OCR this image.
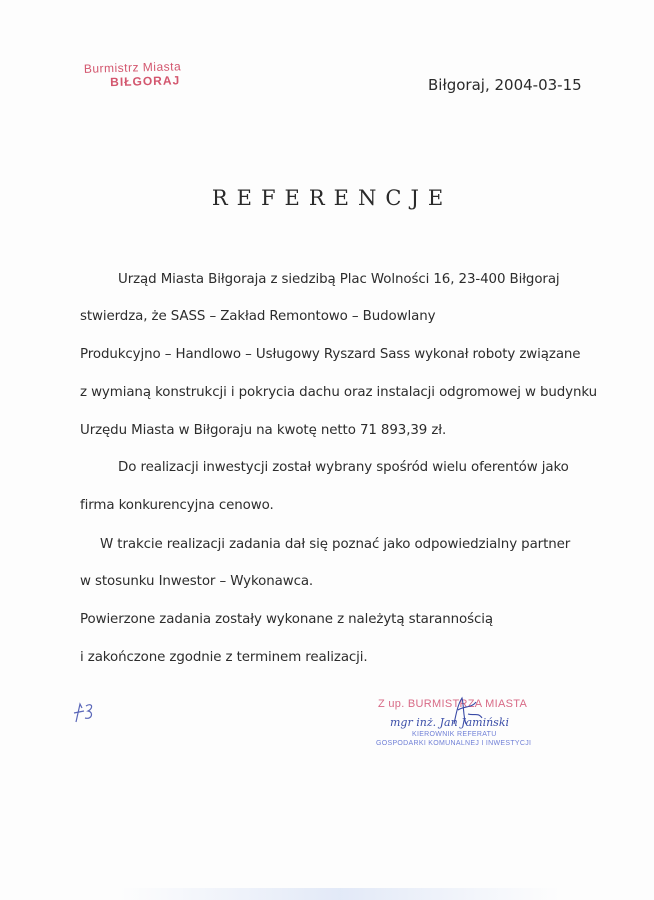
Burmistrz Miasta
BIŁGORAJ	Biłgoraj, 2004-03-15
REFERENCJE
Urząd Miasta Biłgoraja z siedzibą Plac Wolności 16, 23-400 Biłgoraj
stwierdza, że SASS – Zakład Remontowo – Budowlany
Produkcyjno – Handlowo – Usługowy Ryszard Sass wykonał roboty związane
z wymianą konstrukcji i pokrycia dachu oraz instalacji odgromowej w budynku
Urzędu Miasta w Biłgoraju na kwotę netto 71 893,39 zł.
Do realizacji inwestycji został wybrany spośród wielu oferentów jako
firma konkurencyjna cenowo.
W trakcie realizacji zadania dał się poznać jako odpowiedzialny partner
w stosunku Inwestor – Wykonawca.
Powierzone zadania zostały wykonane z należytą starannością
i zakończone zgodnie z terminem realizacji.
Z up. BURMISTRZA MIASTA
mgr inż. Jan Jamiński
KIEROWNIK REFERATU
GOSPODARKI KOMUNALNEJ I INWESTYCJI
